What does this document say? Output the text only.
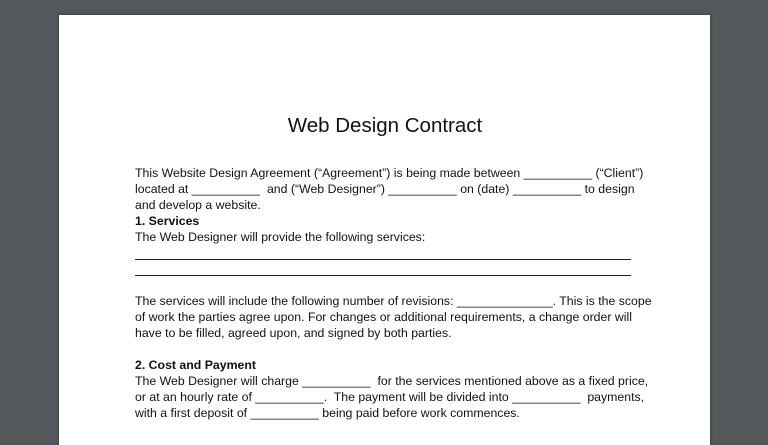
Web Design Contract

This Website Design Agreement (“Agreement”) is being made between __________ (“Client”)
located at __________  and (“Web Designer”) __________ on (date) __________ to design
and develop a website.

1. Services
The Web Designer will provide the following services:

The services will include the following number of revisions: ______________. This is the scope
of work the parties agree upon. For changes or additional requirements, a change order will
have to be filled, agreed upon, and signed by both parties.

2. Cost and Payment

The Web Designer will charge __________  for the services mentioned above as a fixed price,
or at an hourly rate of __________.  The payment will be divided into __________  payments,
with a first deposit of __________ being paid before work commences.
